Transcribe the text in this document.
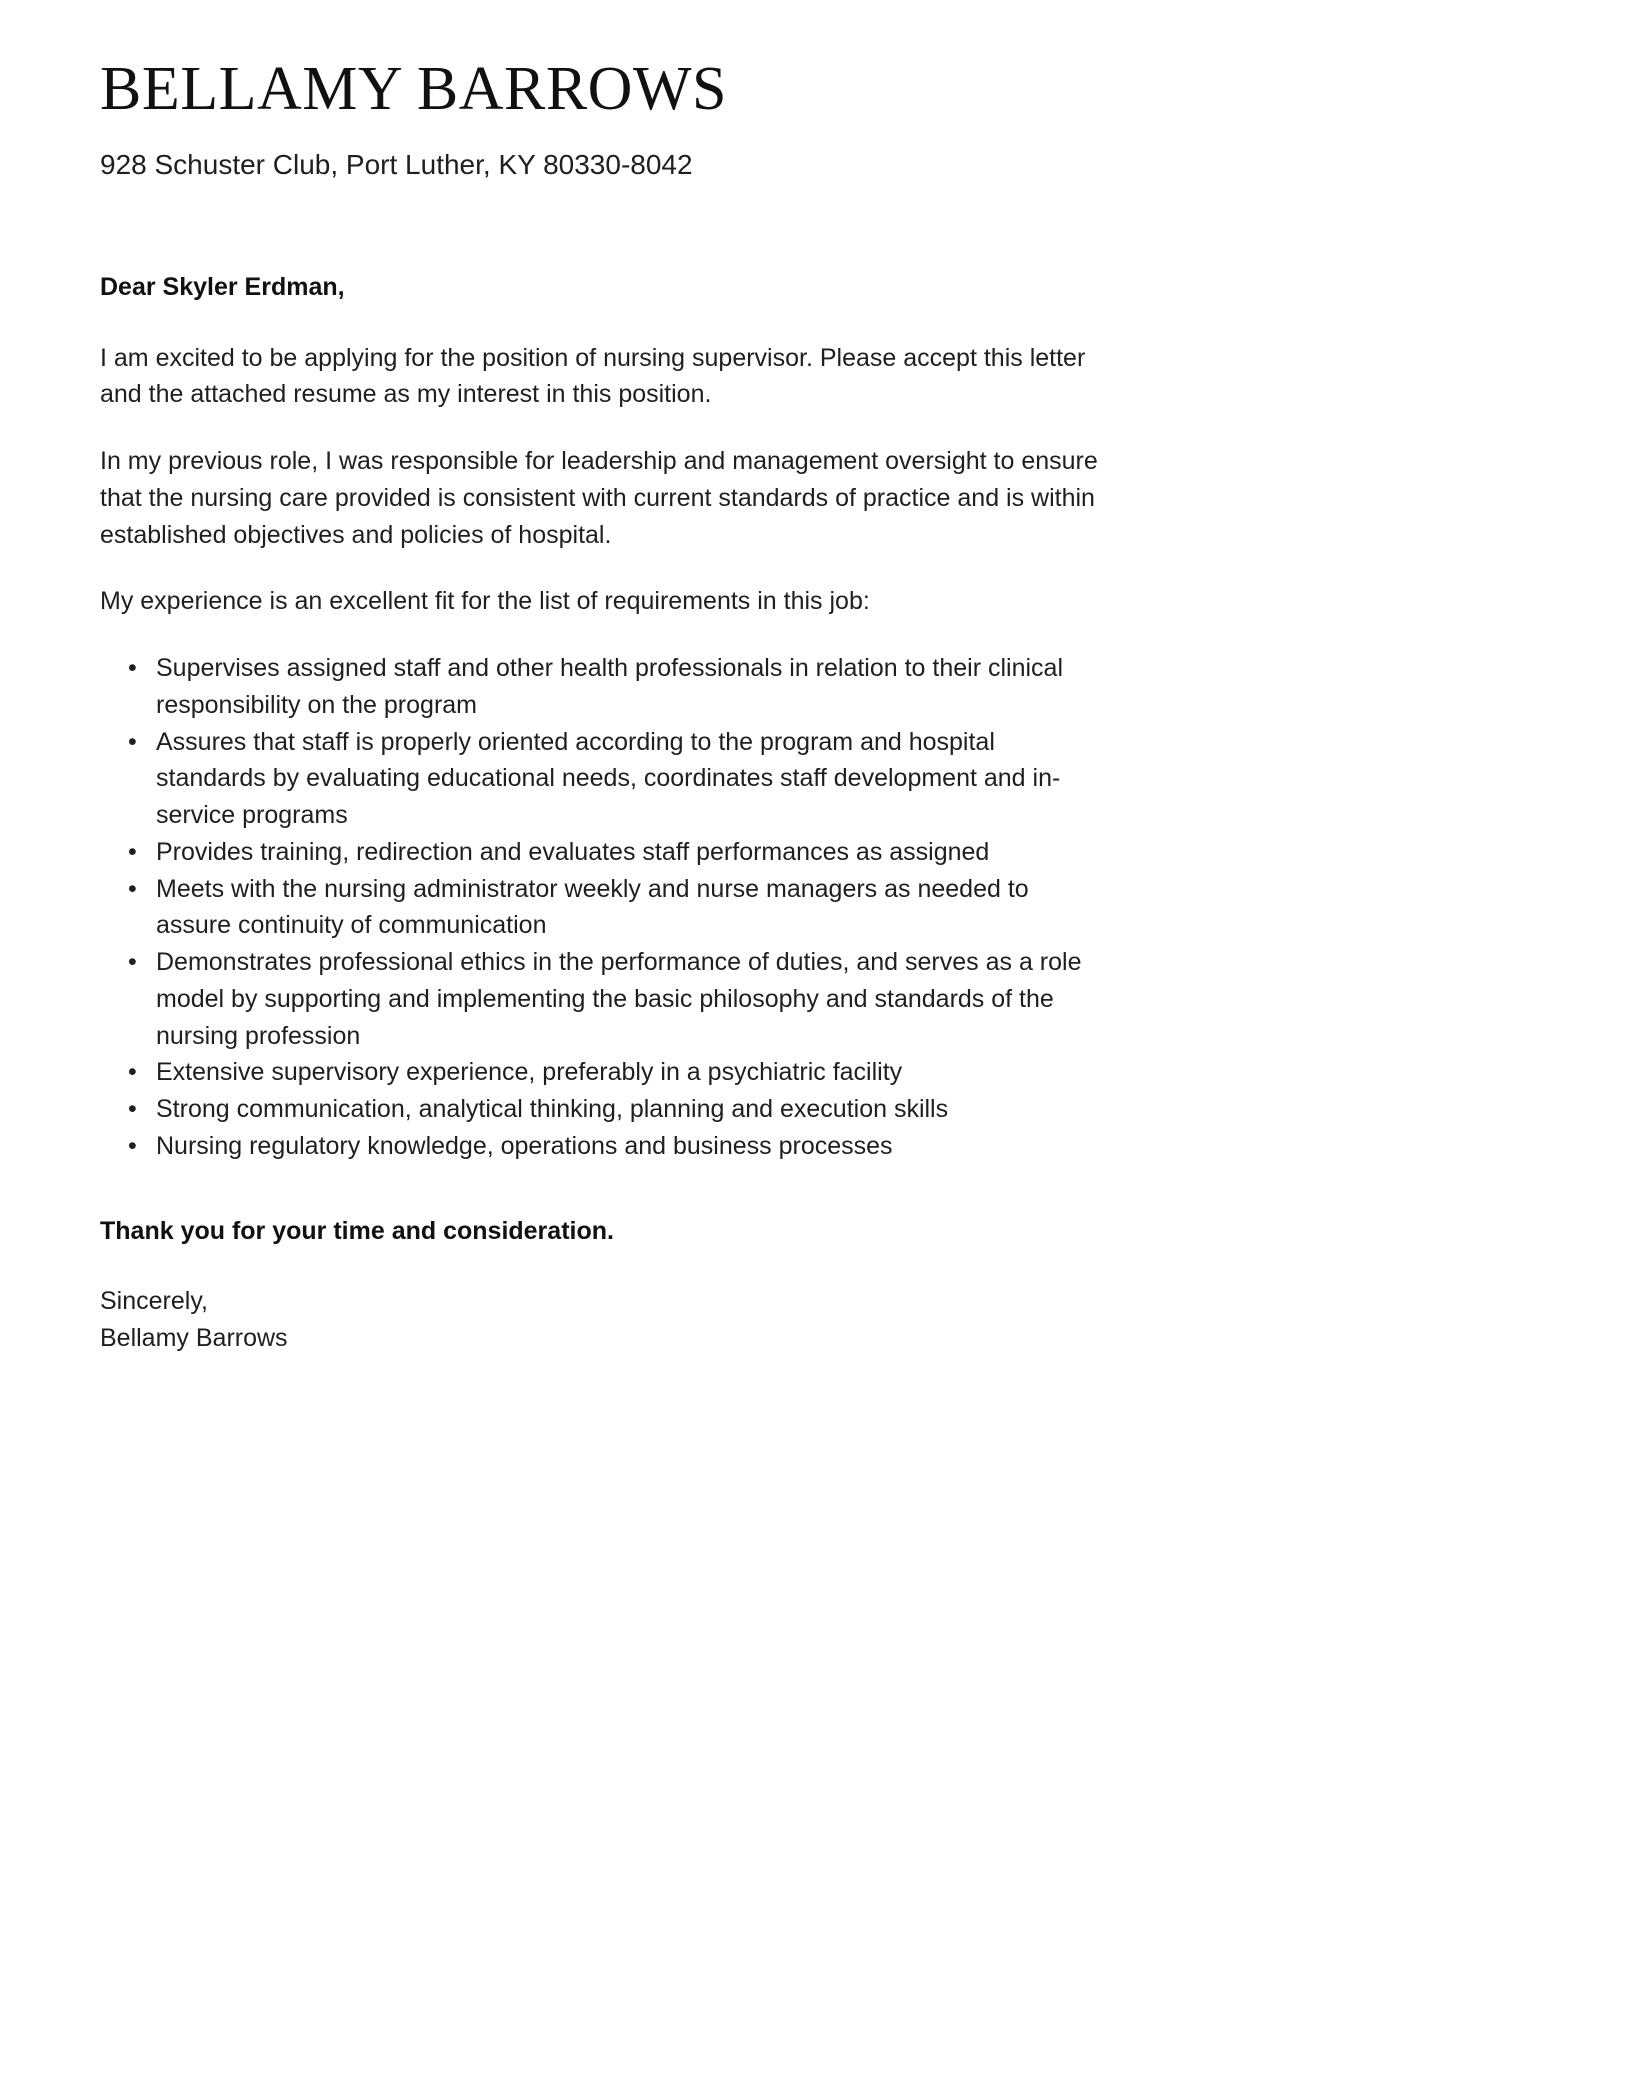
BELLAMY BARROWS
928 Schuster Club, Port Luther, KY 80330-8042

Dear Skyler Erdman,

I am excited to be applying for the position of nursing supervisor. Please accept this letter and the attached resume as my interest in this position.

In my previous role, I was responsible for leadership and management oversight to ensure that the nursing care provided is consistent with current standards of practice and is within established objectives and policies of hospital.

My experience is an excellent fit for the list of requirements in this job:

• Supervises assigned staff and other health professionals in relation to their clinical responsibility on the program
• Assures that staff is properly oriented according to the program and hospital standards by evaluating educational needs, coordinates staff development and in-service programs
• Provides training, redirection and evaluates staff performances as assigned
• Meets with the nursing administrator weekly and nurse managers as needed to assure continuity of communication
• Demonstrates professional ethics in the performance of duties, and serves as a role model by supporting and implementing the basic philosophy and standards of the nursing profession
• Extensive supervisory experience, preferably in a psychiatric facility
• Strong communication, analytical thinking, planning and execution skills
• Nursing regulatory knowledge, operations and business processes

Thank you for your time and consideration.

Sincerely,

Bellamy Barrows
